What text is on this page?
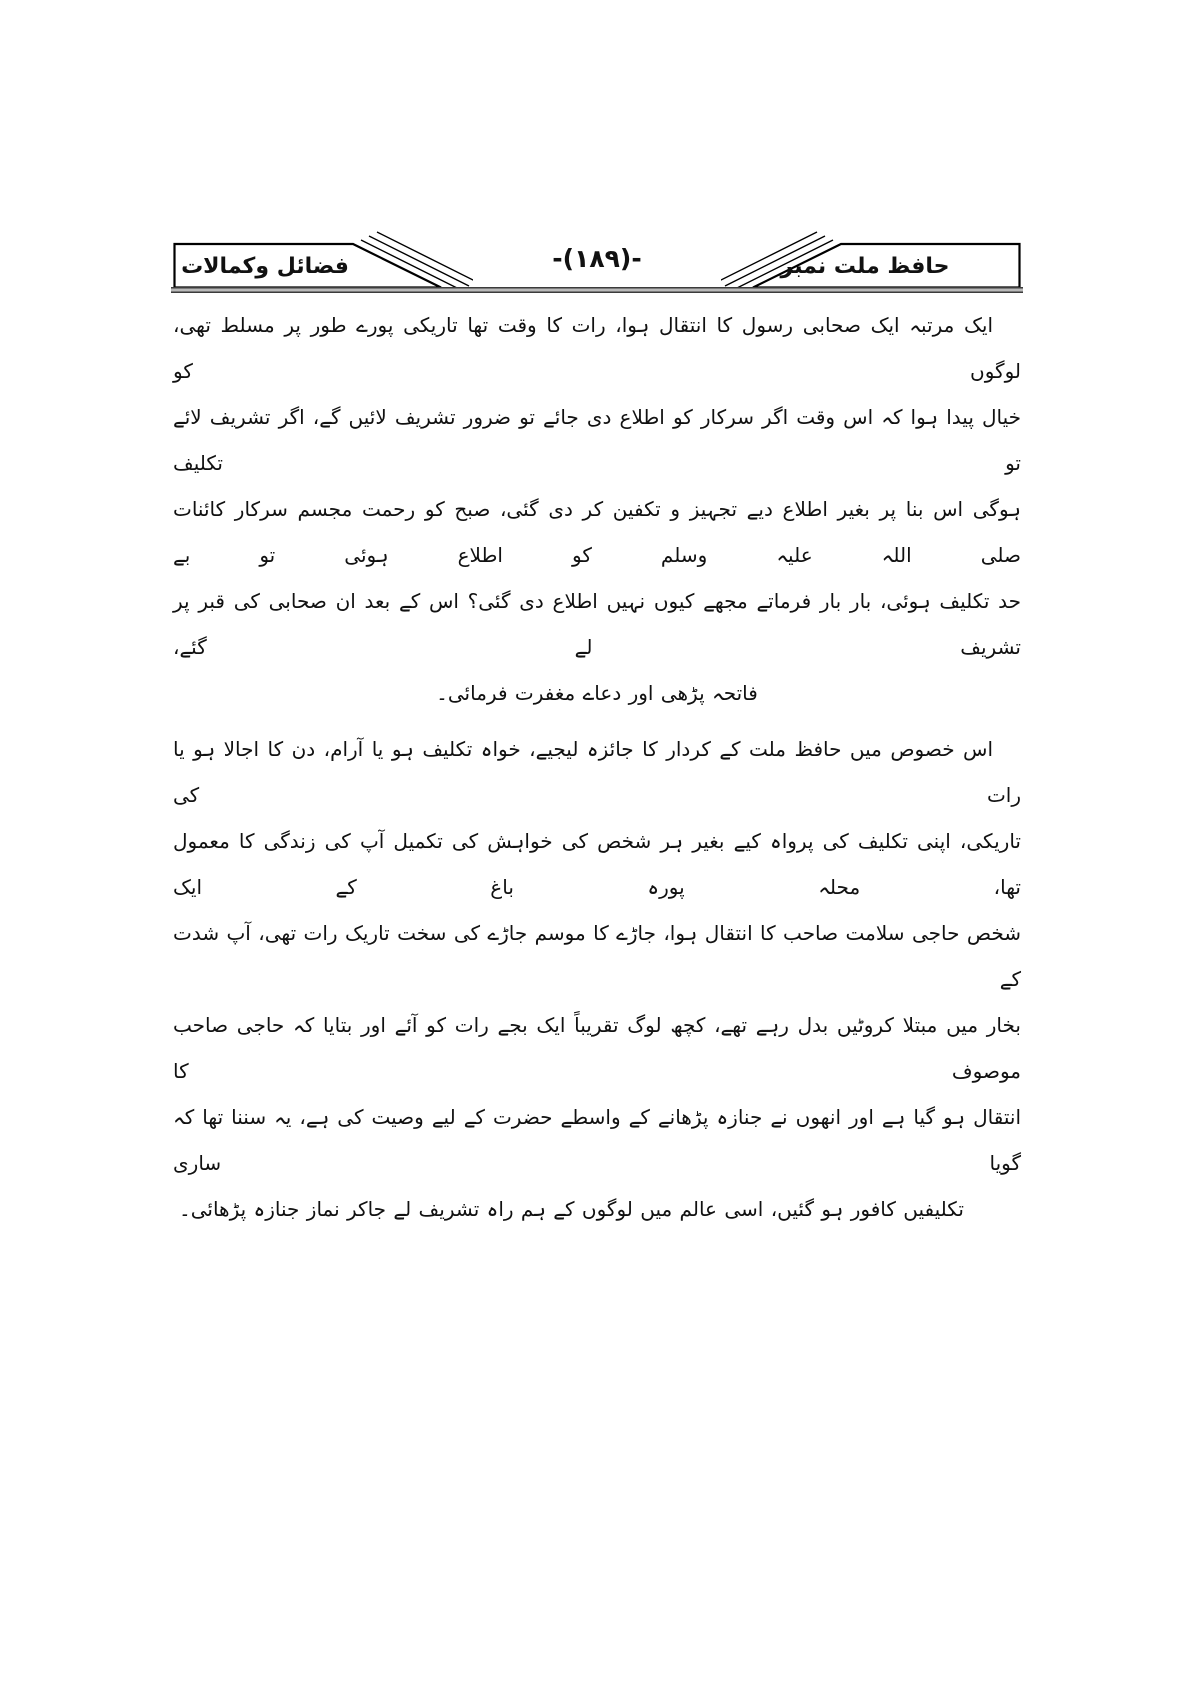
حافظ ملت نمبر
-(۱۸۹)-
فضائل وکمالات
ایک مرتبہ ایک صحابی رسول کا انتقال ہوا، رات کا وقت تھا تاریکی پورے طور پر مسلط تھی، لوگوں کو
خیال پیدا ہوا کہ اس وقت اگر سرکار کو اطلاع دی جائے تو ضرور تشریف لائیں گے، اگر تشریف لائے تو تکلیف
ہوگی اس بنا پر بغیر اطلاع دیے تجہیز و تکفین کر دی گئی، صبح کو رحمت مجسم سرکار کائنات صلی اللہ علیہ وسلم کو اطلاع ہوئی تو بے
حد تکلیف ہوئی، بار بار فرماتے مجھے کیوں نہیں اطلاع دی گئی؟ اس کے بعد ان صحابی کی قبر پر تشریف لے گئے،
فاتحہ پڑھی اور دعاے مغفرت فرمائی۔
اس خصوص میں حافظ ملت کے کردار کا جائزہ لیجیے، خواہ تکلیف ہو یا آرام، دن کا اجالا ہو یا رات کی
تاریکی، اپنی تکلیف کی پرواہ کیے بغیر ہر شخص کی خواہش کی تکمیل آپ کی زندگی کا معمول تھا، محلہ پورہ باغ کے ایک
شخص حاجی سلامت صاحب کا انتقال ہوا، جاڑے کا موسم جاڑے کی سخت تاریک رات تھی، آپ شدت کے
بخار میں مبتلا کروٹیں بدل رہے تھے، کچھ لوگ تقریباً ایک بجے رات کو آئے اور بتایا کہ حاجی صاحب موصوف کا
انتقال ہو گیا ہے اور انھوں نے جنازہ پڑھانے کے واسطے حضرت کے لیے وصیت کی ہے، یہ سننا تھا کہ گویا ساری
تکلیفیں کافور ہو گئیں، اسی عالم میں لوگوں کے ہم راہ تشریف لے جاکر نماز جنازہ پڑھائی۔
